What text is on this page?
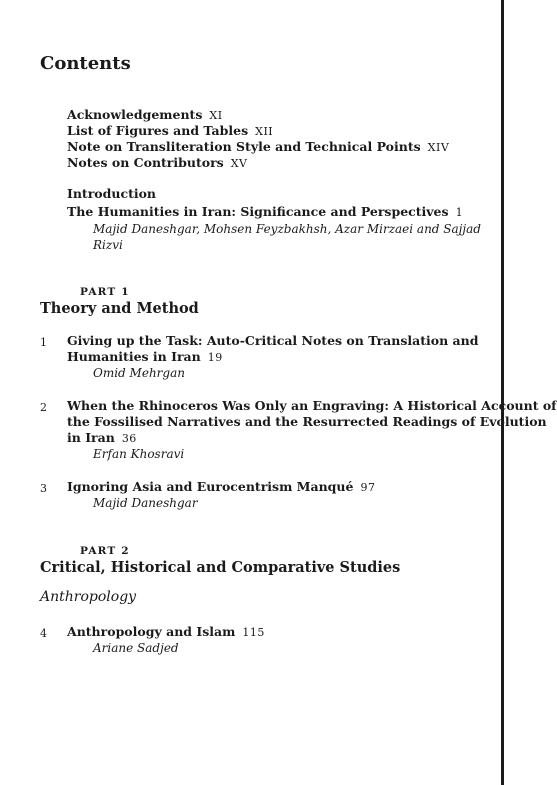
Contents
Acknowledgements XI
List of Figures and Tables XII
Note on Transliteration Style and Technical Points XIV
Notes on Contributors XV
Introduction
The Humanities in Iran: Significance and Perspectives 1
Majid Daneshgar, Mohsen Feyzbakhsh, Azar Mirzaei and Sajjad
Rizvi
PART 1
Theory and Method
1 Giving up the Task: Auto-Critical Notes on Translation and
Humanities in Iran 19
Omid Mehrgan
2 When the Rhinoceros Was Only an Engraving: A Historical Account of
the Fossilised Narratives and the Resurrected Readings of Evolution
in Iran 36
Erfan Khosravi
3 Ignoring Asia and Eurocentrism Manqué 97
Majid Daneshgar
PART 2
Critical, Historical and Comparative Studies
Anthropology
4 Anthropology and Islam 115
Ariane Sadjed
